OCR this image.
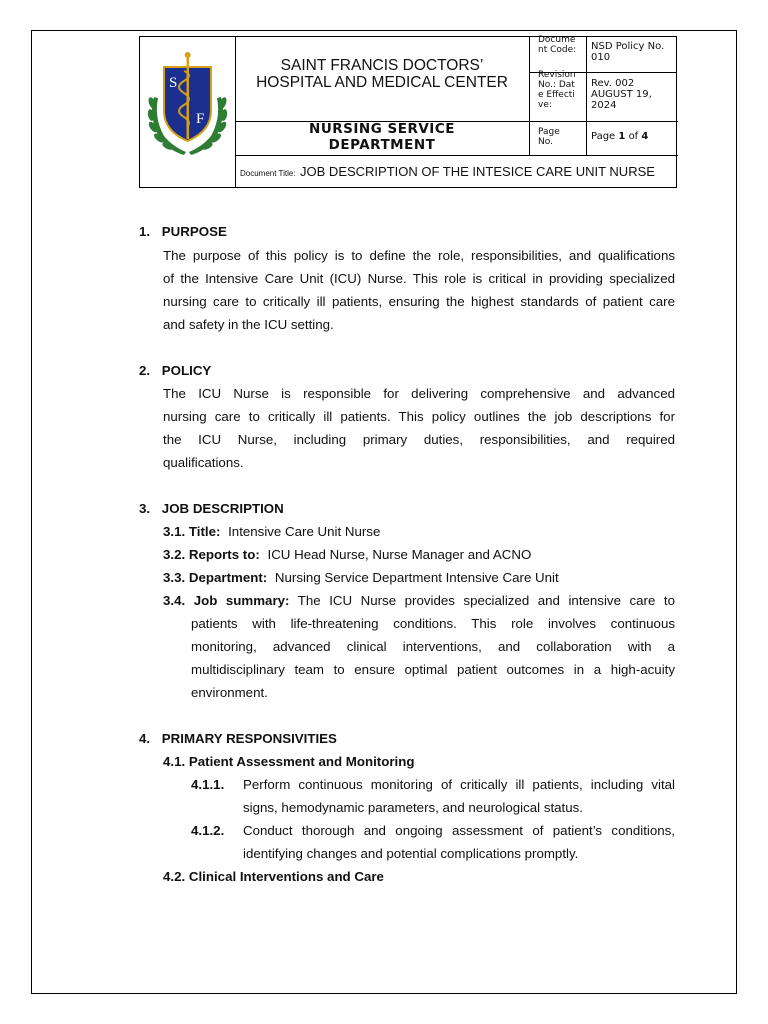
S
F
SAINT FRANCIS DOCTORS’
HOSPITAL AND MEDICAL CENTER
NURSING SERVICE
DEPARTMENT
Document Code:	NSD Policy No. 010
Revision No.: Date Effective:
Rev. 002
AUGUST 19,
2024
Page
No.	Page 1 of 4
Document Title: JOB DESCRIPTION OF THE INTESICE CARE UNIT NURSE
1. PURPOSE
The purpose of this policy is to define the role, responsibilities, and qualifications
of the Intensive Care Unit (ICU) Nurse. This role is critical in providing specialized
nursing care to critically ill patients, ensuring the highest standards of patient care
and safety in the ICU setting.
2. POLICY
The ICU Nurse is responsible for delivering comprehensive and advanced
nursing care to critically ill patients. This policy outlines the job descriptions for
the ICU Nurse, including primary duties, responsibilities, and required
qualifications.
3. JOB DESCRIPTION
3.1. Title: Intensive Care Unit Nurse
3.2. Reports to: ICU Head Nurse, Nurse Manager and ACNO
3.3. Department: Nursing Service Department Intensive Care Unit
3.4. Job summary: The ICU Nurse provides specialized and intensive care to
patients with life-threatening conditions. This role involves continuous
monitoring, advanced clinical interventions, and collaboration with a
multidisciplinary team to ensure optimal patient outcomes in a high-acuity
environment.
4. PRIMARY RESPONSIVITIES
4.1. Patient Assessment and Monitoring
4.1.1. Perform continuous monitoring of critically ill patients, including vital
signs, hemodynamic parameters, and neurological status.
4.1.2. Conduct thorough and ongoing assessment of patient’s conditions,
identifying changes and potential complications promptly.
4.2. Clinical Interventions and Care
